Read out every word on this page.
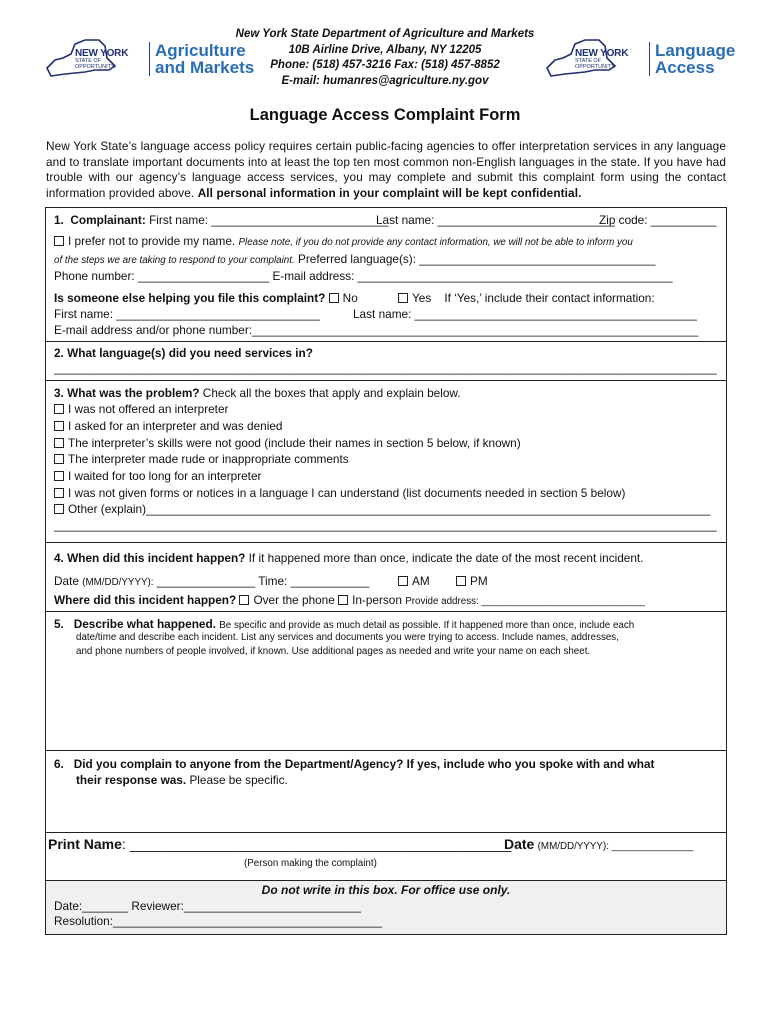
New York State Department of Agriculture and Markets
10B Airline Drive, Albany, NY 12205
Phone: (518) 457-3216 Fax: (518) 457-8852
E-mail: humanres@agriculture.ny.gov
NEW YORK
STATE OF
OPPORTUNITY.
Agriculture
and Markets
NEW YORK
STATE OF
OPPORTUNITY.
Language
Access
Language Access Complaint Form
New York State’s language access policy requires certain public-facing agencies to offer interpretation services in any language and to translate important documents into at least the top ten most common non-English languages in the state. If you have had trouble with our agency’s language access services, you may complete and submit this complaint form using the contact information provided above. All personal information in your complaint will be kept confidential.
1. Complainant: First name: ___________________________
Last name: ___________________________
Zip code: __________
I prefer not to provide my name. Please note, if you do not provide any contact information, we will not be able to inform you
of the steps we are taking to respond to your complaint. Preferred language(s): ____________________________________
Phone number: ____________________ E-mail address: ________________________________________________
Is someone else helping you file this complaint? No	Yes If ‘Yes,’ include their contact information:
First name: _______________________________	Last name: ___________________________________________
E-mail address and/or phone number:____________________________________________________________________
2. What language(s) did you need services in?
_____________________________________________________________________________________________________
3. What was the problem? Check all the boxes that apply and explain below.
I was not offered an interpreter
I asked for an interpreter and was denied
The interpreter’s skills were not good (include their names in section 5 below, if known)
The interpreter made rude or inappropriate comments
I waited for too long for an interpreter
I was not given forms or notices in a language I can understand (list documents needed in section 5 below)
Other (explain)______________________________________________________________________________________
_____________________________________________________________________________________________________
4. When did this incident happen? If it happened more than once, indicate the date of the most recent incident.
Date (MM/DD/YYYY): _______________ Time: ____________	AM	PM
Where did this incident happen? Over the phone In-person Provide address: ______________________________
5. Describe what happened. Be specific and provide as much detail as possible. If it happened more than once, include each
date/time and describe each incident. List any services and documents you were trying to access. Include names, addresses,
and phone numbers of people involved, if known. Use additional pages as needed and write your name on each sheet.
6. Did you complain to anyone from the Department/Agency? If yes, include who you spoke with and what
their response was. Please be specific.
Print Name: _________________________________________________
Date (MM/DD/YYYY): _______________
(Person making the complaint)
Do not write in this box. For office use only.
Date:_______ Reviewer:___________________________
Resolution:_________________________________________
